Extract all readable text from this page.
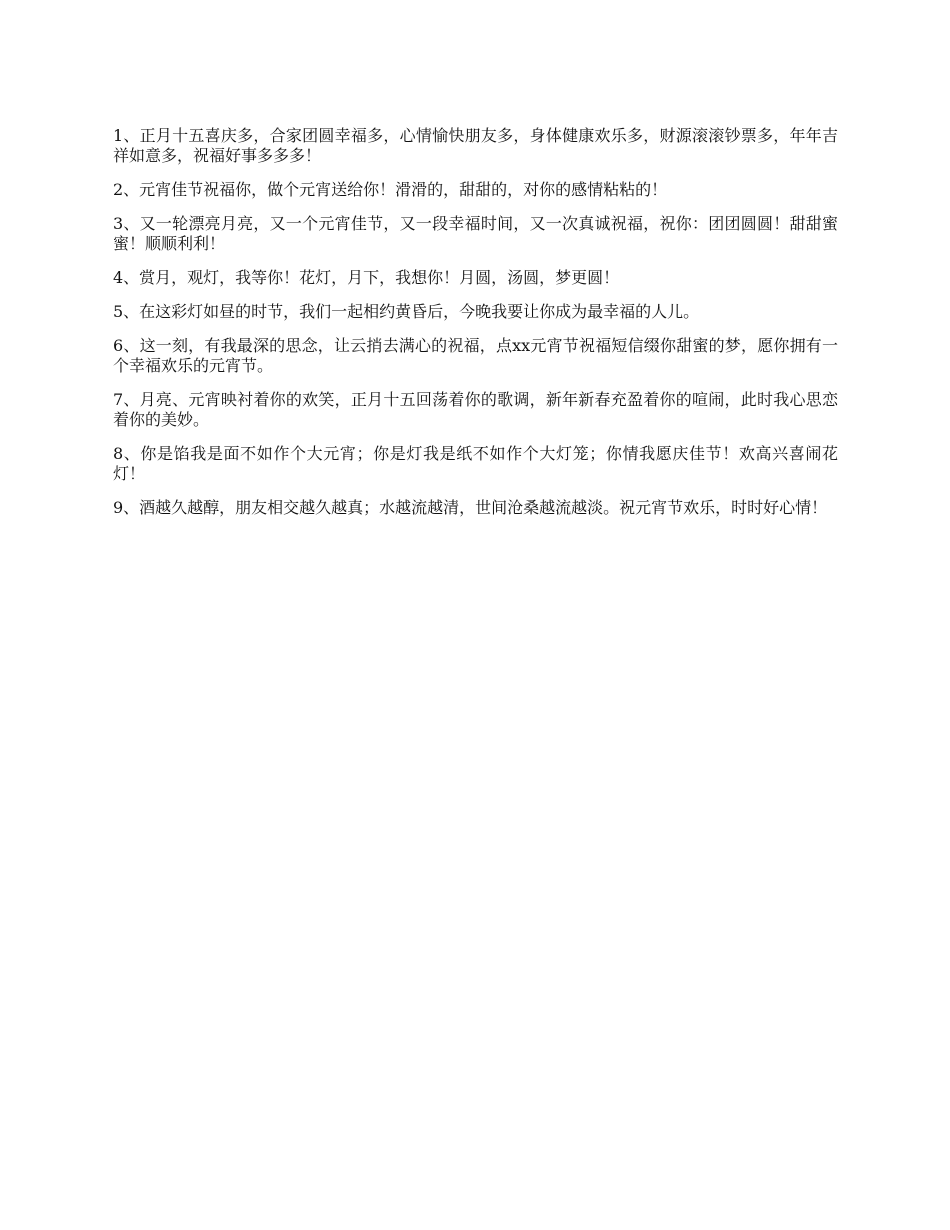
1、正月十五喜庆多，合家团圆幸福多，心情愉快朋友多，身体健康欢乐多，财源滚滚钞票多，年年吉祥如意多，祝福好事多多多！

2、元宵佳节祝福你，做个元宵送给你！滑滑的，甜甜的，对你的感情粘粘的！

3、又一轮漂亮月亮，又一个元宵佳节，又一段幸福时间，又一次真诚祝福，祝你：团团圆圆！甜甜蜜蜜！顺顺利利！

4、赏月，观灯，我等你！花灯，月下，我想你！月圆，汤圆，梦更圆！

5、在这彩灯如昼的时节，我们一起相约黄昏后，今晚我要让你成为最幸福的人儿。

6、这一刻，有我最深的思念，让云捎去满心的祝福，点xx元宵节祝福短信缀你甜蜜的梦，愿你拥有一个幸福欢乐的元宵节。

7、月亮、元宵映衬着你的欢笑，正月十五回荡着你的歌调，新年新春充盈着你的喧闹，此时我心思恋着你的美妙。

8、你是馅我是面不如作个大元宵；你是灯我是纸不如作个大灯笼；你情我愿庆佳节！欢高兴喜闹花灯！

9、酒越久越醇，朋友相交越久越真；水越流越清，世间沧桑越流越淡。祝元宵节欢乐，时时好心情！
